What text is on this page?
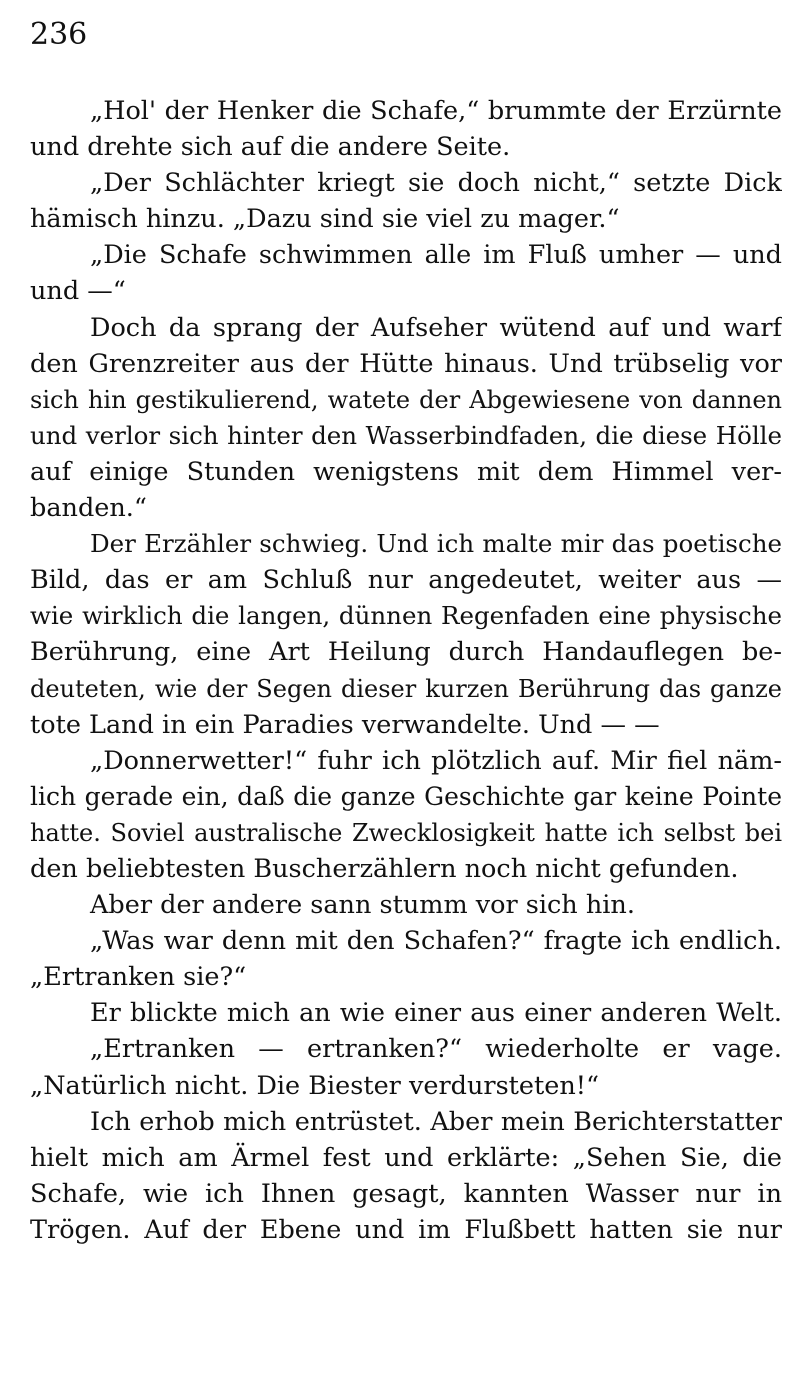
236
„Hol' der Henker die Schafe,“ brummte der Erzürnte
und drehte sich auf die andere Seite.
„Der Schlächter kriegt sie doch nicht,“ setzte Dick
hämisch hinzu. „Dazu sind sie viel zu mager.“
„Die Schafe schwimmen alle im Fluß umher — und
und —“
Doch da sprang der Aufseher wütend auf und warf
den Grenzreiter aus der Hütte hinaus. Und trübselig vor
sich hin gestikulierend, watete der Abgewiesene von dannen
und verlor sich hinter den Wasserbindfaden, die diese Hölle
auf einige Stunden wenigstens mit dem Himmel ver-
banden.“
Der Erzähler schwieg. Und ich malte mir das poetische
Bild, das er am Schluß nur angedeutet, weiter aus —
wie wirklich die langen, dünnen Regenfaden eine physische
Berührung, eine Art Heilung durch Handauflegen be-
deuteten, wie der Segen dieser kurzen Berührung das ganze
tote Land in ein Paradies verwandelte. Und — —
„Donnerwetter!“ fuhr ich plötzlich auf. Mir fiel näm-
lich gerade ein, daß die ganze Geschichte gar keine Pointe
hatte. Soviel australische Zwecklosigkeit hatte ich selbst bei
den beliebtesten Buscherzählern noch nicht gefunden.
Aber der andere sann stumm vor sich hin.
„Was war denn mit den Schafen?“ fragte ich endlich.
„Ertranken sie?“
Er blickte mich an wie einer aus einer anderen Welt.
„Ertranken — ertranken?“ wiederholte er vage.
„Natürlich nicht. Die Biester verdursteten!“
Ich erhob mich entrüstet. Aber mein Berichterstatter
hielt mich am Ärmel fest und erklärte: „Sehen Sie, die
Schafe, wie ich Ihnen gesagt, kannten Wasser nur in
Trögen. Auf der Ebene und im Flußbett hatten sie nur
